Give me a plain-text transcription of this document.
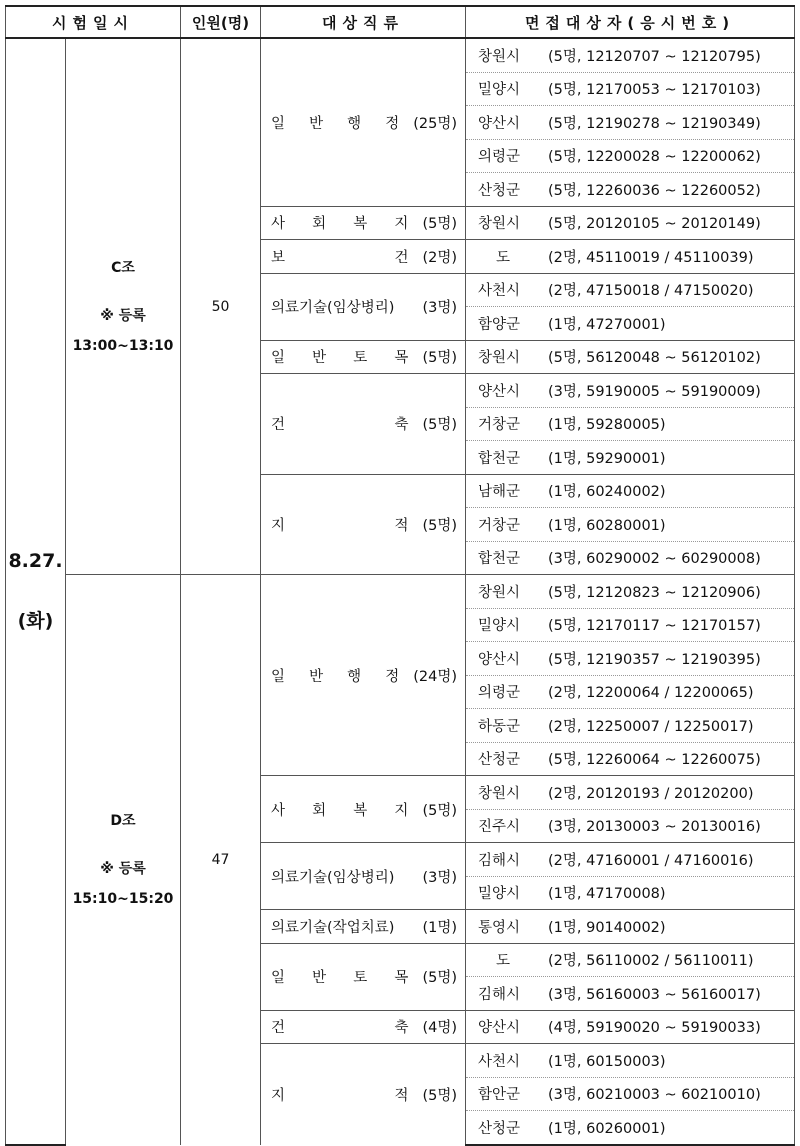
시험일시		인원(명)	대상직류	면접대상자(응시번호)

8.27.
(화)	C조
※ 등록
13:00~13:10	50	일 반 행 정 (25명)	창원시 (5명, 12120707 ~ 12120795)

				밀양시 (5명, 12170053 ~ 12170103)

				양산시 (5명, 12190278 ~ 12190349)

				의령군 (5명, 12200028 ~ 12200062)

				산청군 (5명, 12260036 ~ 12260052)

			사 회 복 지 (5명)	창원시 (5명, 20120105 ~ 20120149)

			보 건 (2명)	도 (2명, 45110019 / 45110039)

			의료기술(임상병리) (3명)	사천시 (2명, 47150018 / 47150020)

				함양군 (1명, 47270001)

			일 반 토 목 (5명)	창원시 (5명, 56120048 ~ 56120102)

			건 축 (5명)	양산시 (3명, 59190005 ~ 59190009)

				거창군 (1명, 59280005)

				합천군 (1명, 59290001)

			지 적 (5명)	남해군 (1명, 60240002)

				거창군 (1명, 60280001)

				합천군 (3명, 60290002 ~ 60290008)

	D조
※ 등록
15:10~15:20	47	일 반 행 정 (24명)	창원시 (5명, 12120823 ~ 12120906)

				밀양시 (5명, 12170117 ~ 12170157)

				양산시 (5명, 12190357 ~ 12190395)

				의령군 (2명, 12200064 / 12200065)

				하동군 (2명, 12250007 / 12250017)

				산청군 (5명, 12260064 ~ 12260075)

			사 회 복 지 (5명)	창원시 (2명, 20120193 / 20120200)

				진주시 (3명, 20130003 ~ 20130016)

			의료기술(임상병리) (3명)	김해시 (2명, 47160001 / 47160016)

				밀양시 (1명, 47170008)

			의료기술(작업치료) (1명)	통영시 (1명, 90140002)

			일 반 토 목 (5명)	도 (2명, 56110002 / 56110011)

				김해시 (3명, 56160003 ~ 56160017)

			건 축 (4명)	양산시 (4명, 59190020 ~ 59190033)

			지 적 (5명)	사천시 (1명, 60150003)

				함안군 (3명, 60210003 ~ 60210010)

				산청군 (1명, 60260001)
